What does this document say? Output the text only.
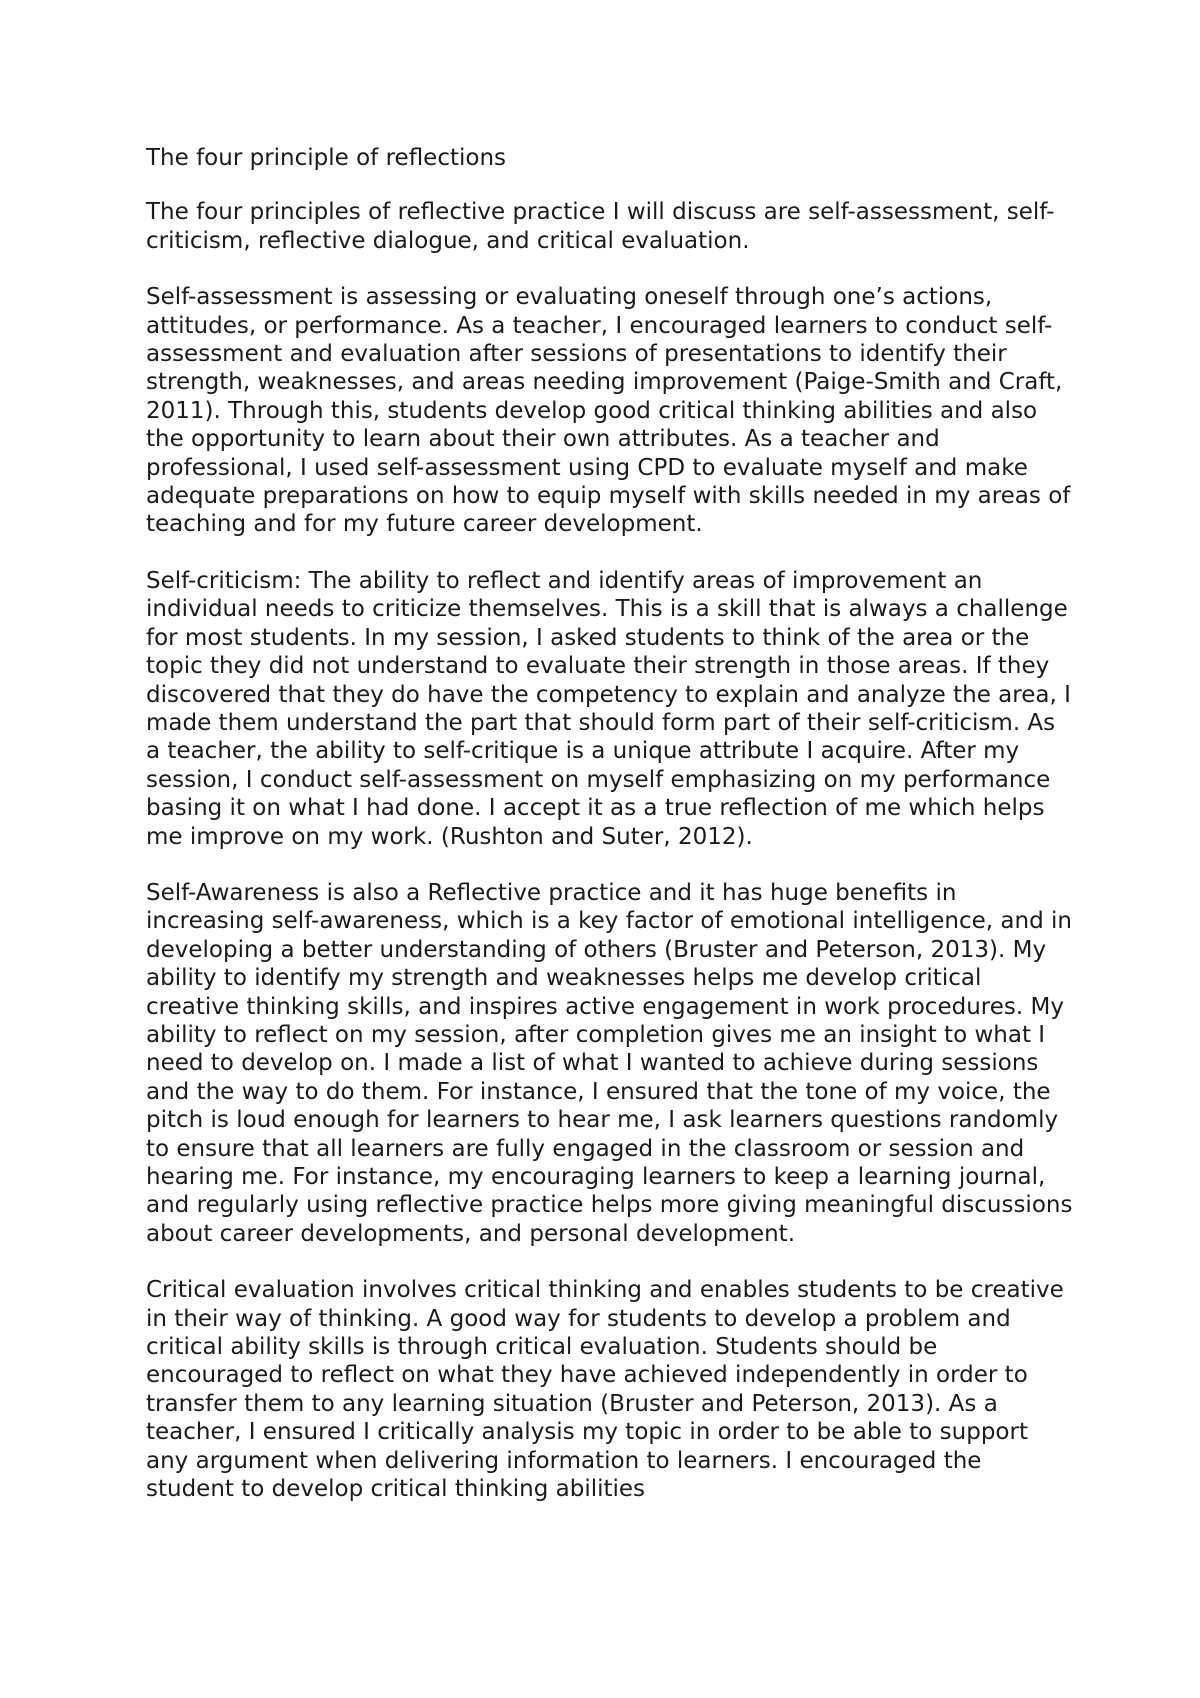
The four principle of reflections

The four principles of reflective practice I will discuss are self-assessment, self-criticism, reflective dialogue, and critical evaluation.

Self-assessment is assessing or evaluating oneself through one’s actions, attitudes, or performance. As a teacher, I encouraged learners to conduct self-assessment and evaluation after sessions of presentations to identify their strength, weaknesses, and areas needing improvement (Paige-Smith and Craft, 2011). Through this, students develop good critical thinking abilities and also the opportunity to learn about their own attributes. As a teacher and professional, I used self-assessment using CPD to evaluate myself and make adequate preparations on how to equip myself with skills needed in my areas of teaching and for my future career development.

Self-criticism: The ability to reflect and identify areas of improvement an individual needs to criticize themselves. This is a skill that is always a challenge for most students. In my session, I asked students to think of the area or the topic they did not understand to evaluate their strength in those areas. If they discovered that they do have the competency to explain and analyze the area, I made them understand the part that should form part of their self-criticism. As a teacher, the ability to self-critique is a unique attribute I acquire. After my session, I conduct self-assessment on myself emphasizing on my performance basing it on what I had done. I accept it as a true reflection of me which helps me improve on my work. (Rushton and Suter, 2012).

Self-Awareness is also a Reflective practice and it has huge benefits in increasing self-awareness, which is a key factor of emotional intelligence, and in developing a better understanding of others (Bruster and Peterson, 2013). My ability to identify my strength and weaknesses helps me develop critical creative thinking skills, and inspires active engagement in work procedures. My ability to reflect on my session, after completion gives me an insight to what I need to develop on. I made a list of what I wanted to achieve during sessions and the way to do them. For instance, I ensured that the tone of my voice, the pitch is loud enough for learners to hear me, I ask learners questions randomly to ensure that all learners are fully engaged in the classroom or session and hearing me. For instance, my encouraging learners to keep a learning journal, and regularly using reflective practice helps more giving meaningful discussions about career developments, and personal development.

Critical evaluation involves critical thinking and enables students to be creative in their way of thinking. A good way for students to develop a problem and critical ability skills is through critical evaluation. Students should be encouraged to reflect on what they have achieved independently in order to transfer them to any learning situation (Bruster and Peterson, 2013). As a teacher, I ensured I critically analysis my topic in order to be able to support any argument when delivering information to learners. I encouraged the student to develop critical thinking abilities
